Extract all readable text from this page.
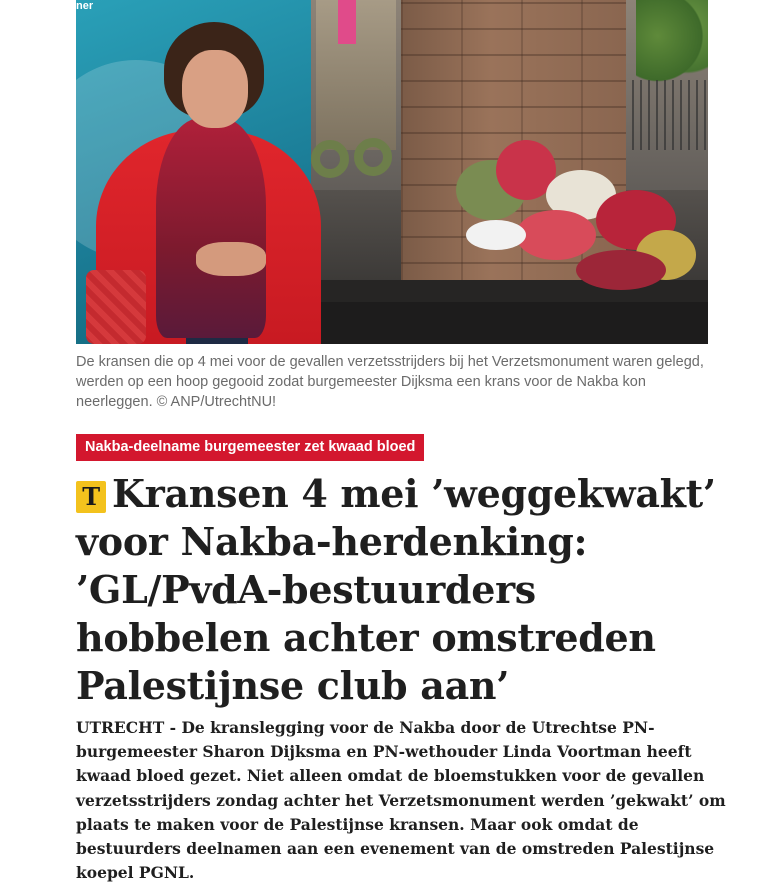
ner
De kransen die op 4 mei voor de gevallen verzetsstrijders bij het Verzetsmonument waren gelegd, werden op een hoop gegooid zodat burgemeester Dijksma een krans voor de Nakba kon neerleggen. © ANP/UtrechtNU!
Nakba-deelname burgemeester zet kwaad bloed
T Kransen 4 mei ’weggekwakt’ voor Nakba-herdenking: ’GL/PvdA-bestuurders hobbelen achter omstreden Palestijnse club aan’

UTRECHT - De kranslegging voor de Nakba door de Utrechtse PN-burgemeester Sharon Dijksma en PN-wethouder Linda Voortman heeft kwaad bloed gezet. Niet alleen omdat de bloemstukken voor de gevallen verzetsstrijders zondag achter het Verzetsmonument werden ’gekwakt’ om plaats te maken voor de Palestijnse kransen. Maar ook omdat de bestuurders deelnamen aan een evenement van de omstreden Palestijnse koepel PGNL.
